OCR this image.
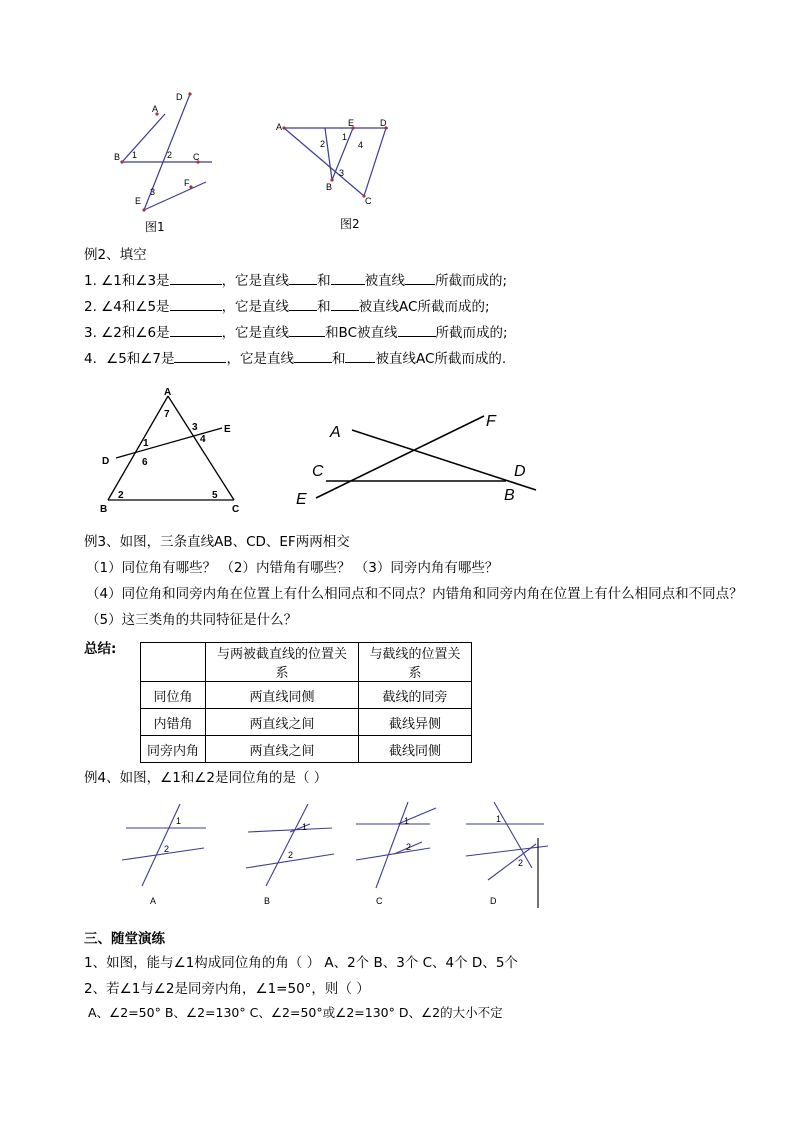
A
B
D
C
E
F
1	2
3
图1
A	E	D
B
C
1
2
3
4
图2
例2、填空
1. ∠1和∠3是	，它是直线 和	被直线 所截而成的;
2. ∠4和∠5是	，它是直线 和 被直线AC所截而成的;
3. ∠2和∠6是	，它是直线	和BC被直线	所截而成的;
4．∠5和∠7是	，它是直线	和 被直线AC所截而成的.
A
B	C
D
E
7
3
4
1
6
2	5
A
F
C	D
E	B
例3、如图，三条直线AB、CD、EF两两相交
（1）同位角有哪些？ （2）内错角有哪些？ （3）同旁内角有哪些？
（4）同位角和同旁内角在位置上有什么相同点和不同点？内错角和同旁内角在位置上有什么相同点和不同点？
（5）这三类角的共同特征是什么？
总结:
		与两被截直线的位置关系	与截线的位置关系
同位角	两直线同侧	截线的同旁
内错角	两直线之间	截线异侧
同旁内角	两直线之间	截线同侧
例4、如图，∠1和∠2是同位角的是（ ）
1
2
A
1
2
B
1
2
C
1
2
D
三、随堂演练
1、如图，能与∠1构成同位角的角（ ） A、2个 B、3个 C、4个 D、5个
2、若∠1与∠2是同旁内角，∠1=50°，则（ ）
A、∠2=50° B、∠2=130° C、∠2=50°或∠2=130° D、∠2的大小不定
